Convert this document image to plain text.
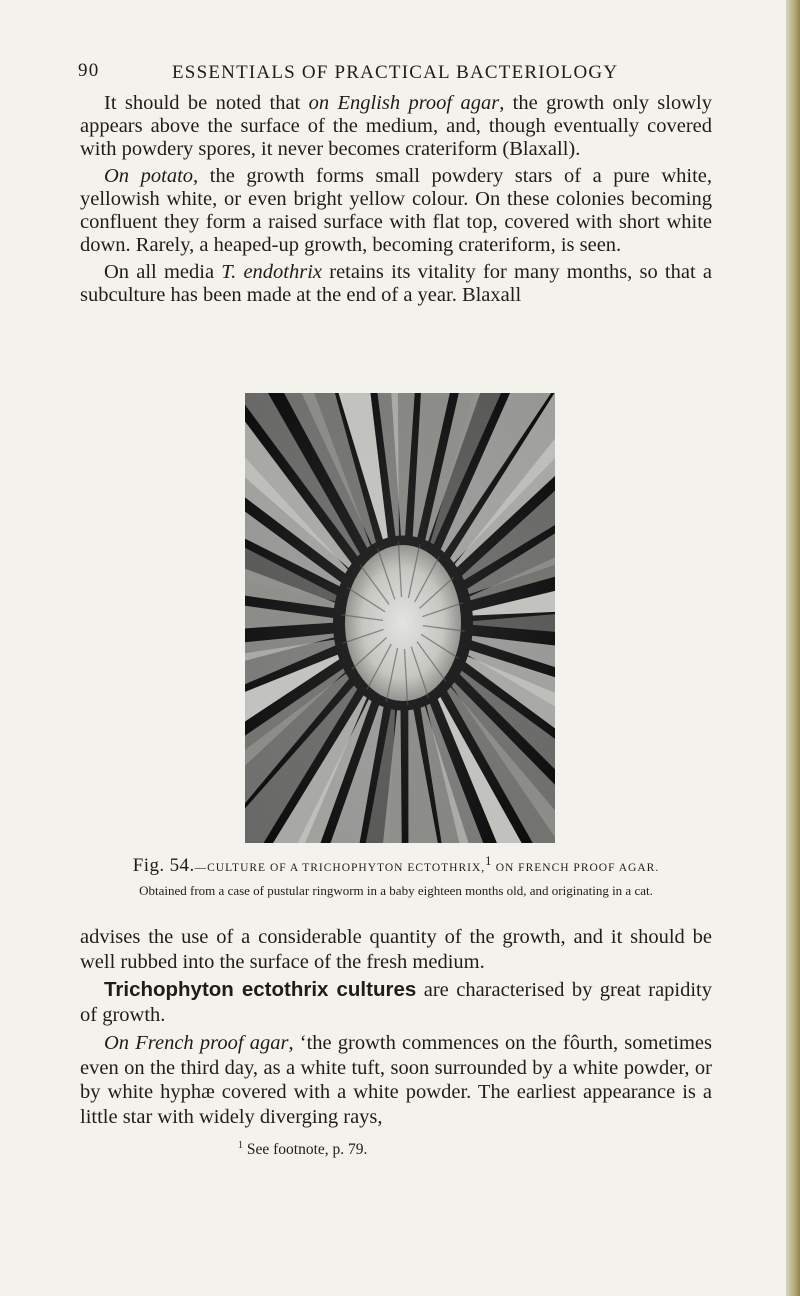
90	ESSENTIALS OF PRACTICAL BACTERIOLOGY

It should be noted that on English proof agar, the growth only slowly appears above the surface of the medium, and, though eventually covered with powdery spores, it never becomes crateriform (Blaxall).

On potato, the growth forms small powdery stars of a pure white, yellowish white, or even bright yellow colour. On these colonies becoming confluent they form a raised surface with flat top, covered with short white down. Rarely, a heaped-up growth, becoming crateriform, is seen.

On all media T. endothrix retains its vitality for many months, so that a subculture has been made at the end of a year. Blaxall

Fig. 54.—CULTURE OF A TRICHOPHYTON ECTOTHRIX,$^1$ ON FRENCH PROOF AGAR.
Obtained from a case of pustular ringworm in a baby eighteen months old, and originating in a cat.

advises the use of a considerable quantity of the growth, and it should be well rubbed into the surface of the fresh medium.

Trichophyton ectothrix cultures are characterised by great rapidity of growth.

On French proof agar, ‘the growth commences on the fôurth, sometimes even on the third day, as a white tuft, soon surrounded by a white powder, or by white hyphæ covered with a white powder. The earliest appearance is a little star with widely diverging rays,

$^1$ See footnote, p. 79.
